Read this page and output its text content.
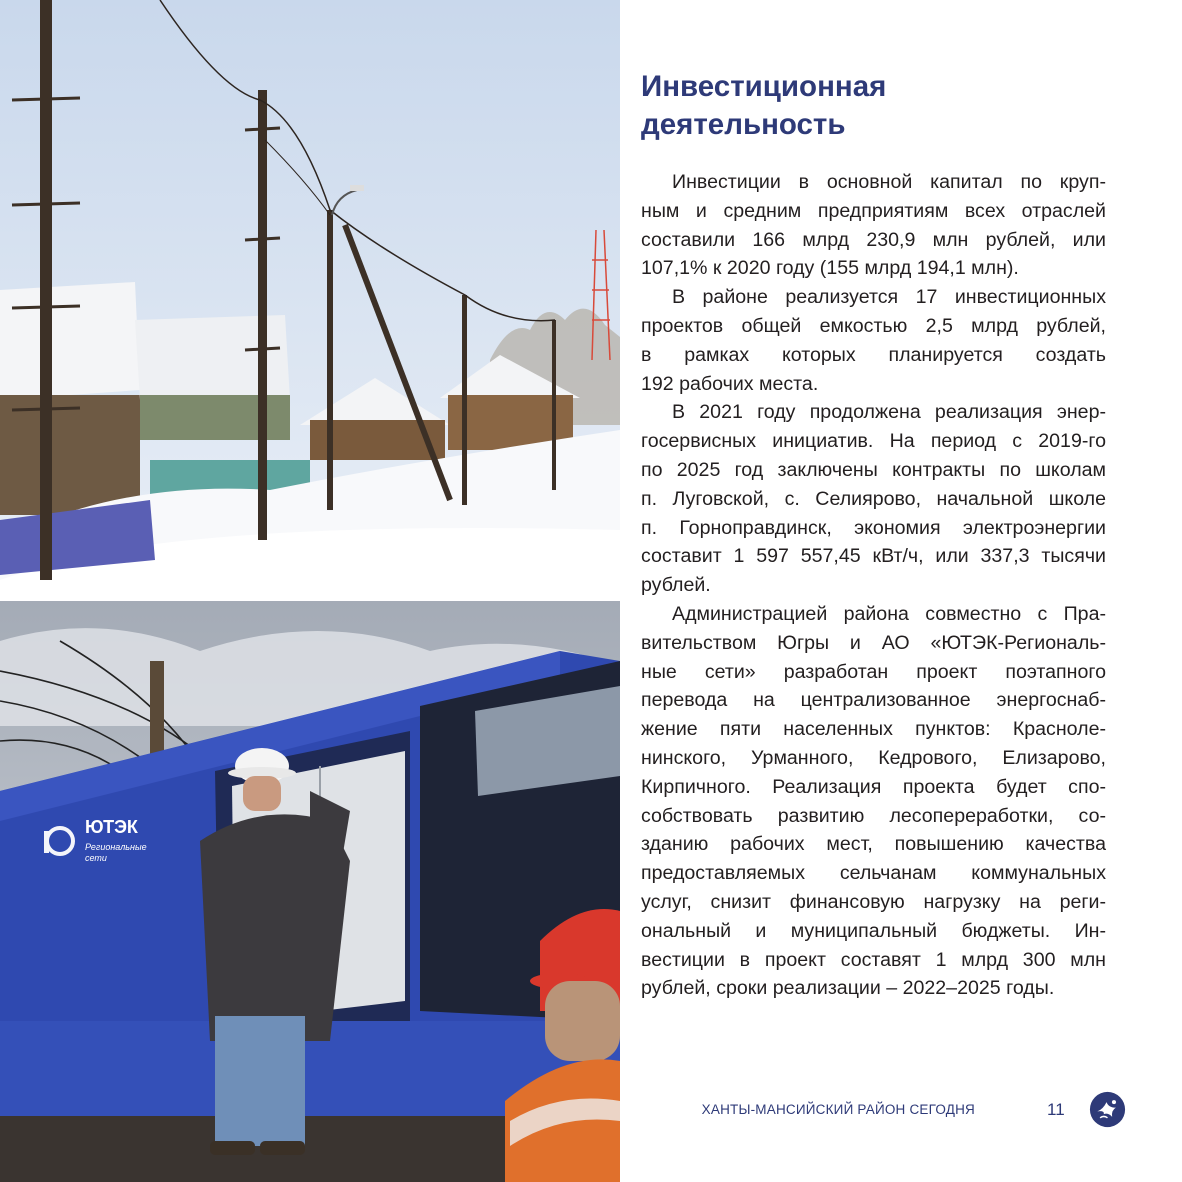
ЮТЭК
Региональные
сети
Инвестиционная
деятельность

Инвестиции в основной капитал по круп-
ным и средним предприятиям всех отраслей
составили 166 млрд 230,9 млн рублей, или
107,1% к 2020 году (155 млрд 194,1 млн).

В районе реализуется 17 инвестиционных
проектов общей емкостью 2,5 млрд рублей,
в рамках которых планируется создать
192 рабочих места.

В 2021 году продолжена реализация энер-
госервисных инициатив. На период с 2019-го
по 2025 год заключены контракты по школам
п. Луговской, с. Селиярово, начальной школе
п. Горноправдинск, экономия электроэнергии
составит 1 597 557,45 кВт/ч, или 337,3 тысячи
рублей.

Администрацией района совместно с Пра-
вительством Югры и АО «ЮТЭК-Региональ-
ные сети» разработан проект поэтапного
перевода на централизованное энергоснаб-
жение пяти населенных пунктов: Красноле-
нинского, Урманного, Кедрового, Елизарово,
Кирпичного. Реализация проекта будет спо-
собствовать развитию лесопереработки, со-
зданию рабочих мест, повышению качества
предоставляемых сельчанам коммунальных
услуг, снизит финансовую нагрузку на реги-
ональный и муниципальный бюджеты. Ин-
вестиции в проект составят 1 млрд 300 млн
рублей, сроки реализации – 2022–2025 годы.

ХАНТЫ-МАНСИЙСКИЙ РАЙОН СЕГОДНЯ	11
